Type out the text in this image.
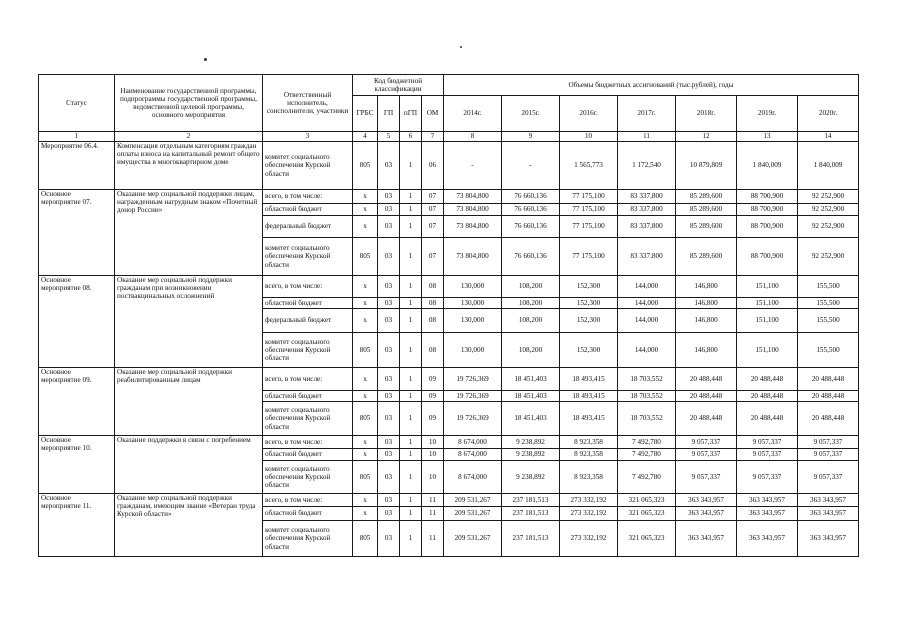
Статус	Наименование государственной программы, подпрограммы государственной программы, ведомственной целевой программы, основного мероприятия	Ответственный исполнитель, соисполнители, участники	Код бюджетной классификации				Объемы бюджетных ассигнований (тыс.рублей), годы						
			ГРБС	ГП	пГП	ОМ	2014г.	2015г.	2016г.	2017г.	2018г.	2019г.	2020г.
1	2	3	4	5	6	7	8	9	10	11	12	13	14
Мероприятие 06.4.	Компенсация отдельным категориям граждан оплаты взноса на капитальный ремонт общего имущества в многоквартирном доме	комитет социального обеспечения Курской области	805	03	1	06	-	-	1 565,773	1 172,540	10 879,809	1 840,009	1 840,009
Основное мероприятие 07.	Оказание мер социальной поддержки лицам, награжденным нагрудным знаком «Почетный донор России»	всего, в том числе:	x	03	1	07	73 804,800	76 660,136	77 175,100	83 337,800	85 289,600	88 700,900	92 252,900
		областной бюджет	x	03	1	07	73 804,800	76 660,136	77 175,100	83 337,800	85 289,600	88 700,900	92 252,900
		федеральный бюджет	x	03	1	07	73 804,800	76 660,136	77 175,100	83 337,800	85 289,600	88 700,900	92 252,900
		комитет социального обеспечения Курской области	805	03	1	07	73 804,800	76 660,136	77 175,100	83 337,800	85 289,600	88 700,900	92 252,900
Основное мероприятие 08.	Оказание мер социальной поддержки гражданам при возникновении поствакцинальных осложнений	всего, в том числе:	x	03	1	08	130,000	108,200	152,300	144,000	146,800	151,100	155,500
		областной бюджет	x	03	1	08	130,000	108,200	152,300	144,000	146,800	151,100	155,500
		федеральный бюджет	x	03	1	08	130,000	108,200	152,300	144,000	146,800	151,100	155,500
		комитет социального обеспечения Курской области	805	03	1	08	130,000	108,200	152,300	144,000	146,800	151,100	155,500
Основное мероприятие 09.	Оказание мер социальной поддержки реабилитированным лицам	всего, в том числе:	x	03	1	09	19 726,369	18 451,403	18 493,415	18 703,552	20 488,448	20 488,448	20 488,448
		областной бюджет	x	03	1	09	19 726,369	18 451,403	18 493,415	18 703,552	20 488,448	20 488,448	20 488,448
		комитет социального обеспечения Курской области	805	03	1	09	19 726,369	18 451,403	18 493,415	18 703,552	20 488,448	20 488,448	20 488,448
Основное мероприятие 10.	Оказание поддержки в связи с погребением	всего, в том числе:	x	03	1	10	8 674,000	9 238,892	8 923,358	7 492,780	9 057,337	9 057,337	9 057,337
		областной бюджет	x	03	1	10	8 674,000	9 238,892	8 923,358	7 492,780	9 057,337	9 057,337	9 057,337
		комитет социального обеспечения Курской области	805	03	1	10	8 674,000	9 238,892	8 923,358	7 492,780	9 057,337	9 057,337	9 057,337
Основное мероприятие 11.	Оказание мер социальной поддержки гражданам, имеющим звание «Ветеран труда Курской области»	всего, в том числе:	x	03	1	11	209 531,267	237 181,513	273 332,192	321 065,323	363 343,957	363 343,957	363 343,957
		областной бюджет	x	03	1	11	209 531,267	237 181,513	273 332,192	321 065,323	363 343,957	363 343,957	363 343,957
		комитет социального обеспечения Курской области	805	03	1	11	209 531,267	237 181,513	273 332,192	321 065,323	363 343,957	363 343,957	363 343,957
